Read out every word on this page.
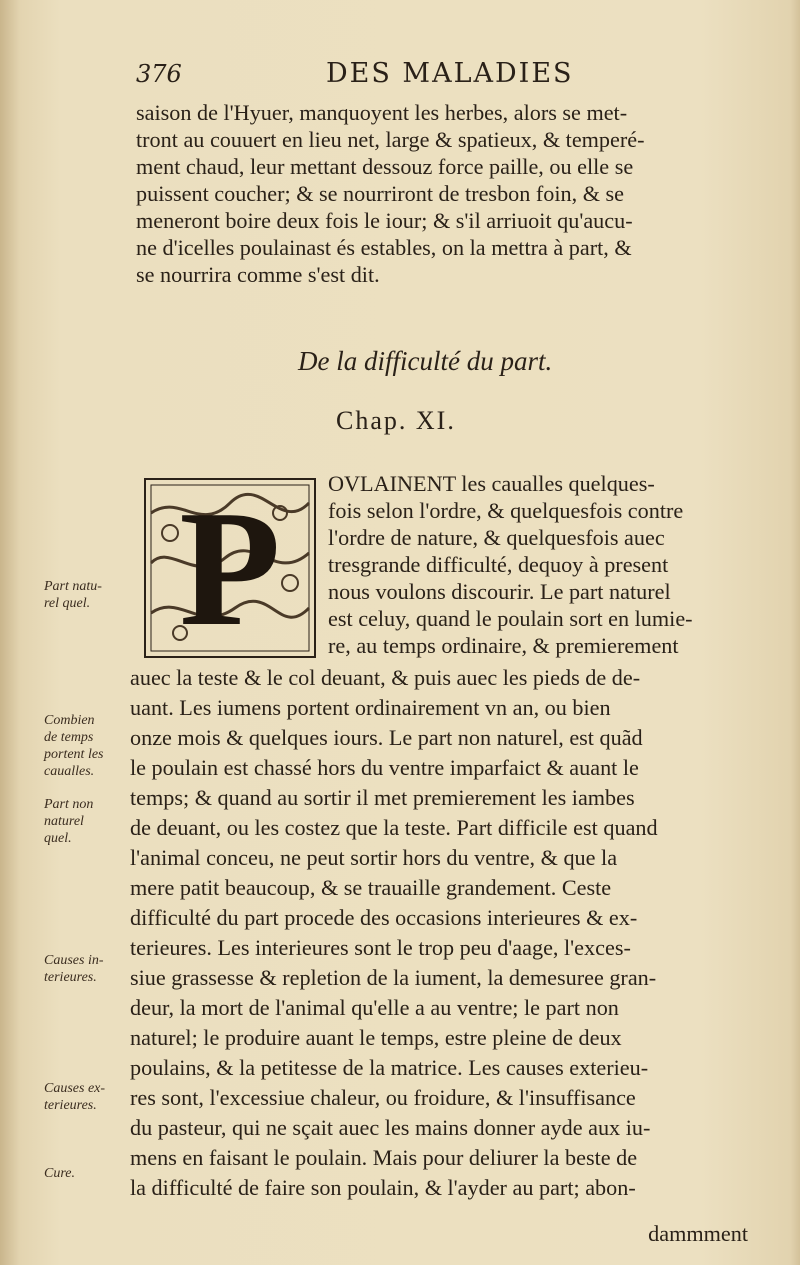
376	DES MALADIES
saison de l'Hyuer, manquoyent les herbes, alors se met-
tront au couuert en lieu net, large & spatieux, & temperé-
ment chaud, leur mettant dessouz force paille, ou elle se
puissent coucher; & se nourriront de tresbon foin, & se
meneront boire deux fois le iour; & s'il arriuoit qu'aucu-
ne d'icelles poulainast és estables, on la mettra à part, &
se nourrira comme s'est dit.
De la difficulté du part.
Chap. XI.
P	OVLAINENT les caualles quelques-
fois selon l'ordre, & quelquesfois contre
l'ordre de nature, & quelquesfois auec
tresgrande difficulté, dequoy à present
nous voulons discourir. Le part naturel
est celuy, quand le poulain sort en lumie-
re, au temps ordinaire, & premierement
auec la teste & le col deuant, & puis auec les pieds de de-
uant. Les iumens portent ordinairement vn an, ou bien
onze mois & quelques iours. Le part non naturel, est quãd
le poulain est chassé hors du ventre imparfaict & auant le
temps; & quand au sortir il met premierement les iambes
de deuant, ou les costez que la teste. Part difficile est quand
l'animal conceu, ne peut sortir hors du ventre, & que la
mere patit beaucoup, & se trauaille grandement. Ceste
difficulté du part procede des occasions interieures & ex-
terieures. Les interieures sont le trop peu d'aage, l'exces-
siue grassesse & repletion de la iument, la demesuree gran-
deur, la mort de l'animal qu'elle a au ventre; le part non
naturel; le produire auant le temps, estre pleine de deux
poulains, & la petitesse de la matrice. Les causes exterieu-
res sont, l'excessiue chaleur, ou froidure, & l'insuffisance
du pasteur, qui ne sçait auec les mains donner ayde aux iu-
mens en faisant le poulain. Mais pour deliurer la beste de
la difficulté de faire son poulain, & l'ayder au part; abon-
dammment
Part natu-
rel quel.
Combien
de temps
portent les
caualles.
Part non
naturel
quel.
Causes in-
terieures.
Causes ex-
terieures.
Cure.
